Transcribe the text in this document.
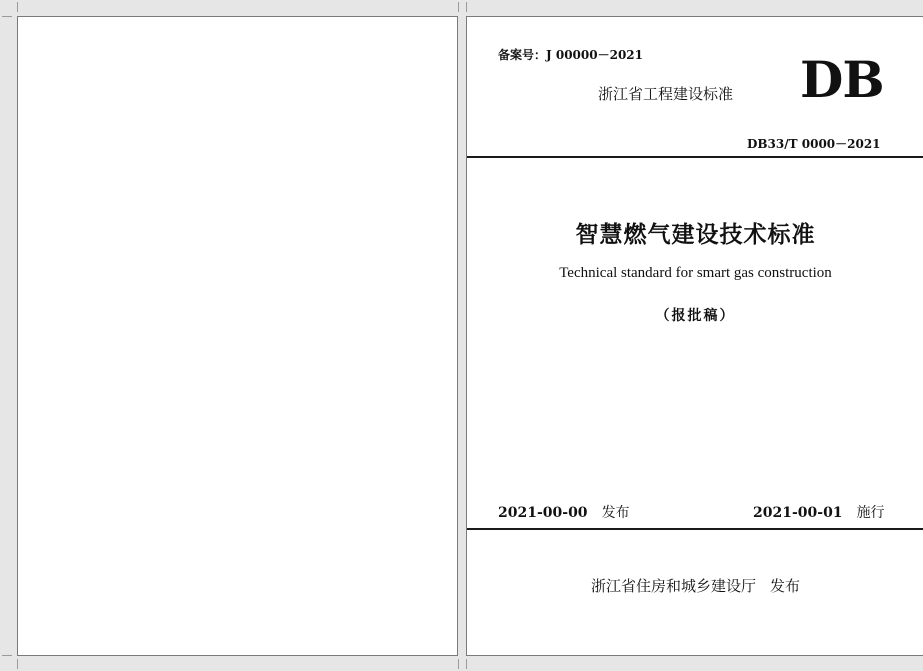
备案号：J 00000－2021
浙江省工程建设标准 DB
DB33/T 0000－2021
智慧燃气建设技术标准
Technical standard for smart gas construction
（报批稿）
2021-00-00 发布	2021-00-01 施行
浙江省住房和城乡建设厅 发布
